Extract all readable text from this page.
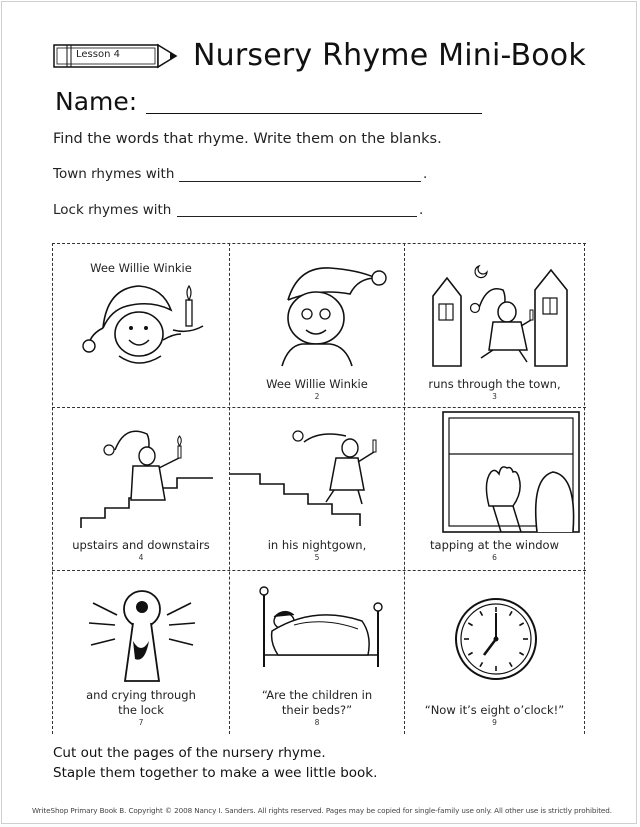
Lesson 4 Nursery Rhyme Mini-Book
Name:
Find the words that rhyme. Write them on the blanks.
Town rhymes with	.
Lock rhymes with	.
Wee Willie Winkie
Wee Willie Winkie
2
runs through the town,
3
upstairs and downstairs
4
in his nightgown,
5
tapping at the window
6
and crying through
the lock
7
“Are the children in
their beds?”
8
“Now it’s eight o’clock!”
9
Cut out the pages of the nursery rhyme.
Staple them together to make a wee little book.
WriteShop Primary Book B. Copyright © 2008 Nancy I. Sanders. All rights reserved. Pages may be copied for single-family use only. All other use is strictly prohibited.
